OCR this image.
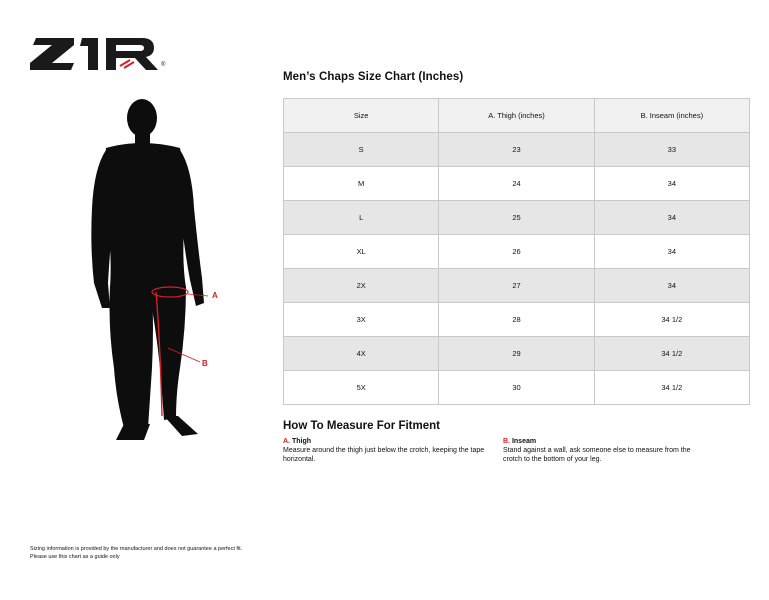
®
A
B
Men’s Chaps Size Chart (Inches)
Size	A. Thigh (inches)	B. Inseam (inches)
S	23	33
M	24	34
L	25	34
XL	26	34
2X	27	34
3X	28	34 1/2
4X	29	34 1/2
5X	30	34 1/2
How To Measure For Fitment
A. Thigh
Measure around the thigh just below the crotch, keeping the tape horizontal.
B. Inseam
Stand against a wall, ask someone else to measure from the crotch to the bottom of your leg.
Sizing information is provided by the manufacturer and does not guarantee a perfect fit.
Please use this chart as a guide only
